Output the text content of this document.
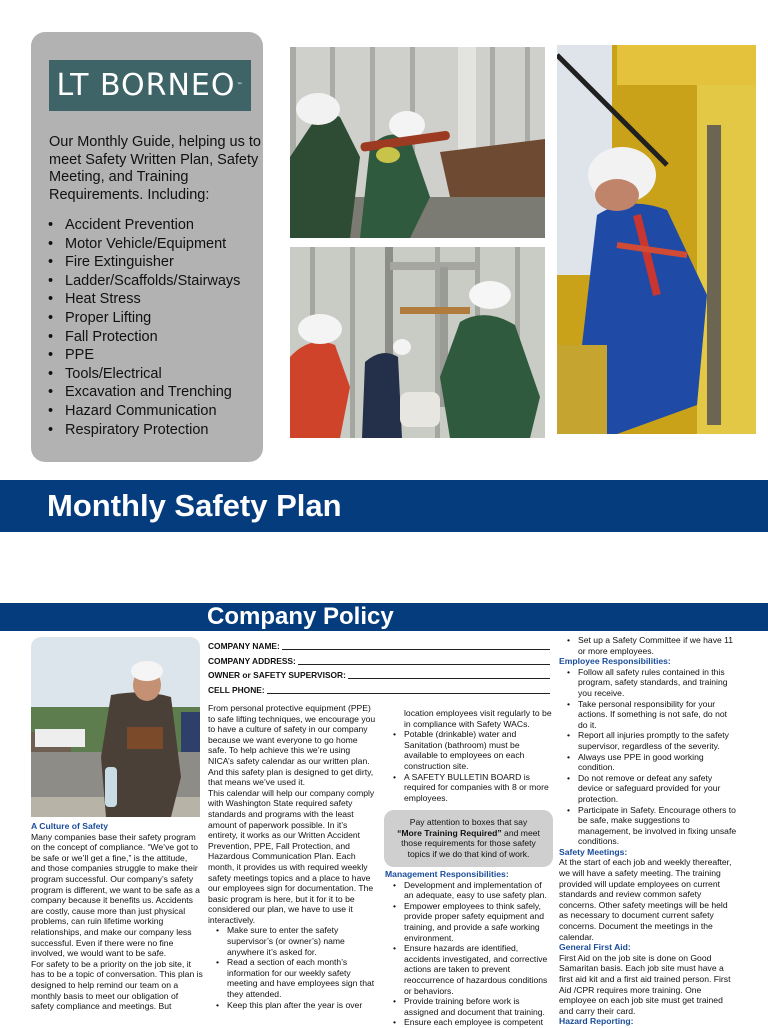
LT BORNEO ™
Our Monthly Guide, helping us to meet Safety Written Plan, Safety Meeting, and Training Requirements. Including:
• Accident Prevention
• Motor Vehicle/Equipment
• Fire Extinguisher
• Ladder/Scaffolds/Stairways
• Heat Stress
• Proper Lifting
• Fall Protection
• PPE
• Tools/Electrical
• Excavation and Trenching
• Hazard Communication
• Respiratory Protection
Monthly Safety Plan
Company Policy
A Culture of Safety
Many companies base their safety program on the concept of compliance. “We’ve got to be safe or we’ll get a fine,” is the attitude, and those companies struggle to make their program successful. Our company’s safety program is different, we want to be safe as a company because it benefits us. Accidents are costly, cause more than just physical problems, can ruin lifetime working relationships, and make our company less successful. Even if there were no fine involved, we would want to be safe.
For safety to be a priority on the job site, it has to be a topic of conversation. This plan is designed to help remind our team on a monthly basis to meet our obligation of safety compliance and meetings. But
COMPANY NAME:
COMPANY ADDRESS:
OWNER or SAFETY SUPERVISOR:
CELL PHONE:
From personal protective equipment (PPE) to safe lifting techniques, we encourage you to have a culture of safety in our company because we want everyone to go home safe. To help achieve this we’re using NICA’s safety calendar as our written plan. And this safety plan is designed to get dirty, that means we’ve used it.
This calendar will help our company comply with Washington State required safety standards and programs with the least amount of paperwork possible. In it’s entirety, it works as our Written Accident Prevention, PPE, Fall Protection, and Hazardous Communication Plan. Each month, it provides us with required weekly safety meetings topics and a place to have our employees sign for documentation. The basic program is here, but it for it to be considered our plan, we have to use it interactively.
• Make sure to enter the safety supervisor’s (or owner’s) name anywhere it’s asked for.
• Read a section of each month’s information for our weekly safety meeting and have employees sign that they attended.
• Keep this plan after the year is over
location employees visit regularly to be in compliance with Safety WACs.
• Potable (drinkable) water and Sanitation (bathroom) must be available to employees on each construction site.
• A SAFETY BULLETIN BOARD is required for companies with 8 or more employees.
Pay attention to boxes that say
“More Training Required” and meet those requirements for those safety topics if we do that kind of work.
Management Responsibilities:
• Development and implementation of an adequate, easy to use safety plan.
• Empower employees to think safely, provide proper safety equipment and training, and provide a safe working environment.
• Ensure hazards are identified, accidents investigated, and corrective actions are taken to prevent reoccurrence of hazardous conditions or behaviors.
• Provide training before work is assigned and document that training.
• Ensure each employee is competent
• Set up a Safety Committee if we have 11 or more employees.
Employee Responsibilities:
• Follow all safety rules contained in this program, safety standards, and training you receive.
• Take personal responsibility for your actions. If something is not safe, do not do it.
• Report all injuries promptly to the safety supervisor, regardless of the severity.
• Always use PPE in good working condition.
• Do not remove or defeat any safety device or safeguard provided for your protection.
• Participate in Safety. Encourage others to be safe, make suggestions to management, be involved in fixing unsafe conditions.
Safety Meetings:
At the start of each job and weekly thereafter, we will have a safety meeting. The training provided will update employees on current standards and review common safety concerns. Other safety meetings will be held as necessary to document current safety concerns. Document the meetings in the calendar.
General First Aid:
First Aid on the job site is done on Good Samaritan basis. Each job site must have a first aid kit and a first aid trained person. First Aid /CPR requires more training. One employee on each job site must get trained and carry their card.
Hazard Reporting:
